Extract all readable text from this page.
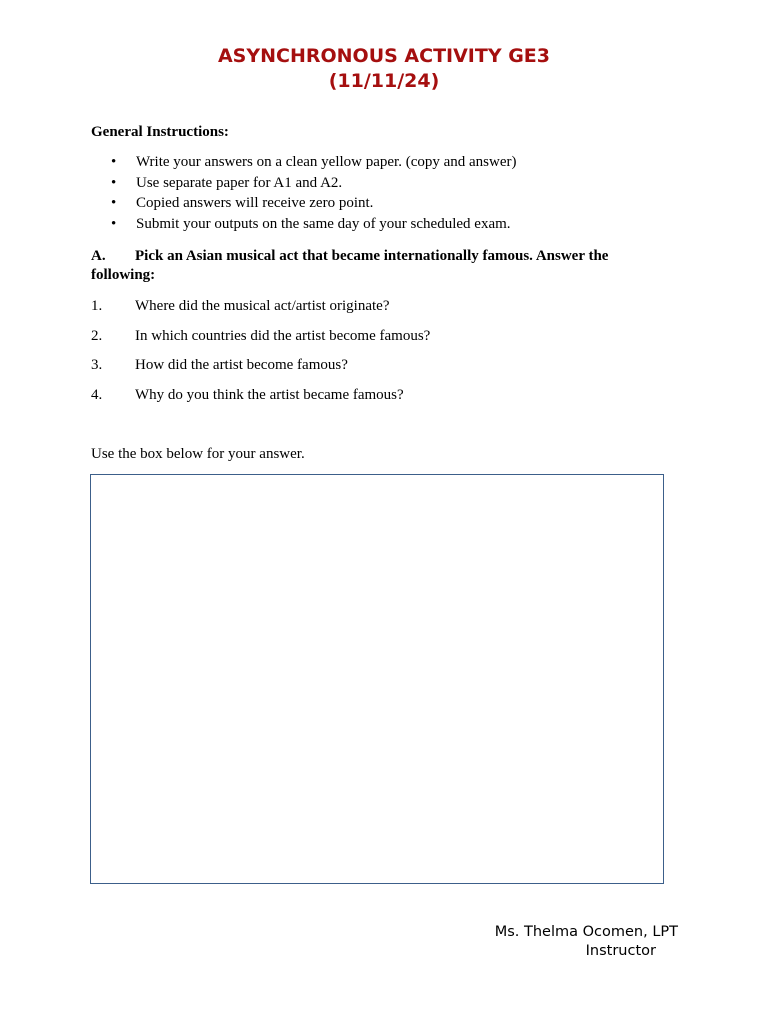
ASYNCHRONOUS ACTIVITY GE3
(11/11/24)
General Instructions:
•	Write your answers on a clean yellow paper. (copy and answer)
•	Use separate paper for A1 and A2.
•	Copied answers will receive zero point.
•	Submit your outputs on the same day of your scheduled exam.
A. Pick an Asian musical act that became internationally famous. Answer the following:
1. Where did the musical act/artist originate?
2. In which countries did the artist become famous?
3. How did the artist become famous?
4. Why do you think the artist became famous?
Use the box below for your answer.
Ms. Thelma Ocomen, LPT
Instructor
